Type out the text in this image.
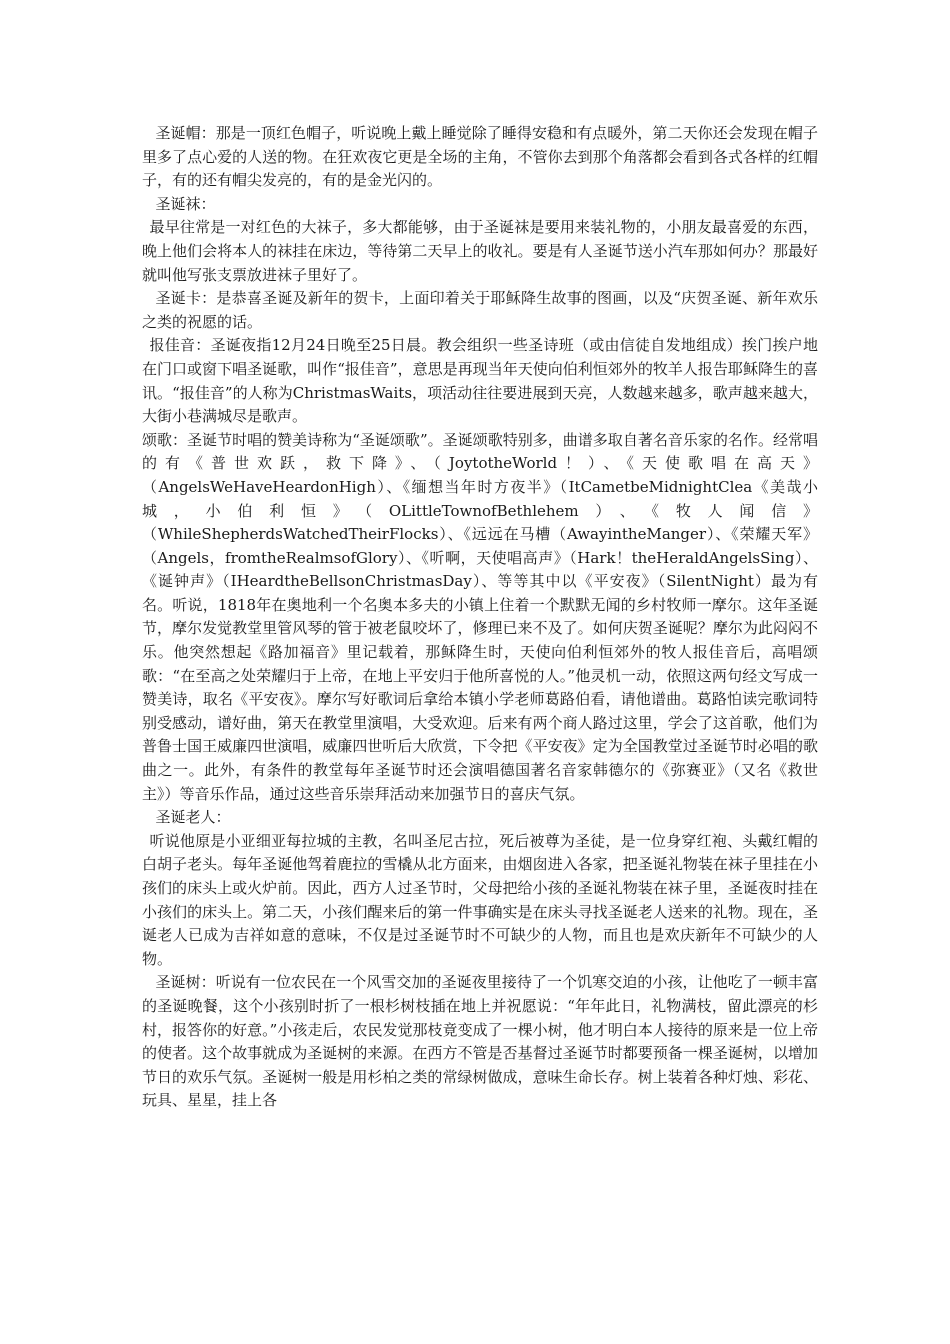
圣诞帽：那是一顶红色帽子，听说晚上戴上睡觉除了睡得安稳和有点暖外，第二天你还会发现在帽子里多了点心爱的人送的物。在狂欢夜它更是全场的主角，不管你去到那个角落都会看到各式各样的红帽子，有的还有帽尖发亮的，有的是金光闪的。

圣诞袜：

最早往常是一对红色的大袜子，多大都能够，由于圣诞袜是要用来装礼物的，小朋友最喜爱的东西，晚上他们会将本人的袜挂在床边，等待第二天早上的收礼。要是有人圣诞节送小汽车那如何办？那最好就叫他写张支票放进袜子里好了。

圣诞卡：是恭喜圣诞及新年的贺卡，上面印着关于耶稣降生故事的图画，以及“庆贺圣诞、新年欢乐之类的祝愿的话。

报佳音：圣诞夜指12月24日晚至25日晨。教会组织一些圣诗班（或由信徒自发地组成）挨门挨户地在门口或窗下唱圣诞歌，叫作“报佳音”，意思是再现当年天使向伯利恒郊外的牧羊人报告耶稣降生的喜讯。“报佳音”的人称为ChristmasWaits，项活动往往要进展到天亮，人数越来越多，歌声越来越大，大街小巷满城尽是歌声。

颂歌：圣诞节时唱的赞美诗称为“圣诞颂歌”。圣诞颂歌特别多，曲谱多取自著名音乐家的名作。经常唱的有《普世欢跃，救下降》、（JoytotheWorld！）、《天使歌唱在高天》（AngelsWeHaveHeardonHigh）、《缅想当年时方夜半》（ItCametbeMidnightClea《美哉小城，小伯利恒》（OLittleTownofBethlehem）、《牧人闻信》（WhileShepherdsWatchedTheirFlocks）、《远远在马槽（AwayintheManger）、《荣耀天军》（Angels，fromtheRealmsofGlory）、《听啊，天使唱高声》（Hark！theHeraldAngelsSing）、《诞钟声》（IHeardtheBellsonChristmasDay）、等等其中以《平安夜》（SilentNight）最为有名。听说，1818年在奥地利一个名奥本多夫的小镇上住着一个默默无闻的乡村牧师一摩尔。这年圣诞节，摩尔发觉教堂里管风琴的管于被老鼠咬坏了，修理已来不及了。如何庆贺圣诞呢？摩尔为此闷闷不乐。他突然想起《路加福音》里记载着，那稣降生时，天使向伯利恒郊外的牧人报佳音后，高唱颂歌：“在至高之处荣耀归于上帝，在地上平安归于他所喜悦的人。”他灵机一动，依照这两句经文写成一赞美诗，取名《平安夜》。摩尔写好歌词后拿给本镇小学老师葛路伯看，请他谱曲。葛路怕读完歌词特别受感动，谱好曲，第天在教堂里演唱，大受欢迎。后来有两个商人路过这里，学会了这首歌，他们为普鲁士国王威廉四世演唱，威廉四世听后大欣赏，下令把《平安夜》定为全国教堂过圣诞节时必唱的歌曲之一。此外，有条件的教堂每年圣诞节时还会演唱德国著名音家韩德尔的《弥赛亚》（又名《救世主》）等音乐作品，通过这些音乐崇拜活动来加强节日的喜庆气氛。

圣诞老人：

听说他原是小亚细亚每拉城的主教，名叫圣尼古拉，死后被尊为圣徒，是一位身穿红袍、头戴红帽的白胡子老头。每年圣诞他驾着鹿拉的雪橇从北方面来，由烟囱进入各家，把圣诞礼物装在袜子里挂在小孩们的床头上或火炉前。因此，西方人过圣节时，父母把给小孩的圣诞礼物装在袜子里，圣诞夜时挂在小孩们的床头上。第二天，小孩们醒来后的第一件事确实是在床头寻找圣诞老人送来的礼物。现在，圣诞老人已成为吉祥如意的意味，不仅是过圣诞节时不可缺少的人物，而且也是欢庆新年不可缺少的人物。

圣诞树：听说有一位农民在一个风雪交加的圣诞夜里接待了一个饥寒交迫的小孩，让他吃了一顿丰富的圣诞晚餐，这个小孩别时折了一根杉树枝插在地上并祝愿说：“年年此日，礼物满枝，留此漂亮的杉村，报答你的好意。”小孩走后，农民发觉那枝竟变成了一棵小树，他才明白本人接待的原来是一位上帝的使者。这个故事就成为圣诞树的来源。在西方不管是否基督过圣诞节时都要预备一棵圣诞树，以增加节日的欢乐气氛。圣诞树一般是用杉柏之类的常绿树做成，意味生命长存。树上装着各种灯烛、彩花、玩具、星星，挂上各
